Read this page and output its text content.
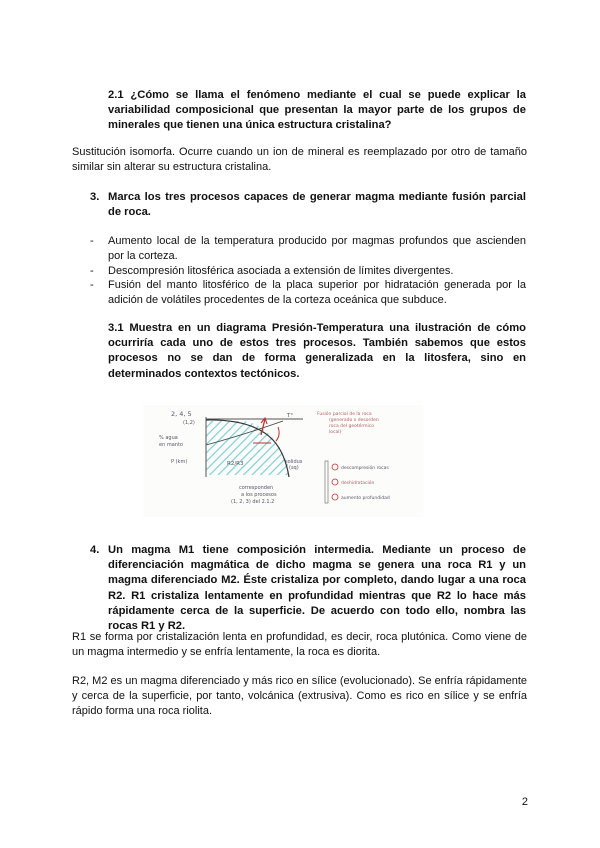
2.1 ¿Cómo se llama el fenómeno mediante el cual se puede explicar la variabilidad composicional que presentan la mayor parte de los grupos de minerales que tienen una única estructura cristalina?
Sustitución isomorfa. Ocurre cuando un ion de mineral es reemplazado por otro de tamaño similar sin alterar su estructura cristalina.
3. Marca los tres procesos capaces de generar magma mediante fusión parcial de roca.
- Aumento local de la temperatura producido por magmas profundos que ascienden por la corteza.
- Descompresión litosférica asociada a extensión de límites divergentes.
- Fusión del manto litosférico de la placa superior por hidratación generada por la adición de volátiles procedentes de la corteza oceánica que subduce.
3.1 Muestra en un diagrama Presión-Temperatura una ilustración de cómo ocurriría cada uno de estos tres procesos. También sabemos que estos procesos no se dan de forma generalizada en la litosfera, sino en determinados contextos tectónicos.
2, 4, 5
(1,2)
% agua
en manto
P (km)	R2/R3
T°
solidus
(sq)
corresponden
a los procesos
(1, 2, 3) del 2.1.2
Fusión parcial de la roca
(generado x desorden
roca del geotérmico
local)
descompresión rocas
deshidratación
aumento profundidad
4. Un magma M1 tiene composición intermedia. Mediante un proceso de diferenciación magmática de dicho magma se genera una roca R1 y un magma diferenciado M2. Éste cristaliza por completo, dando lugar a una roca R2. R1 cristaliza lentamente en profundidad mientras que R2 lo hace más rápidamente cerca de la superficie. De acuerdo con todo ello, nombra las rocas R1 y R2.
R1 se forma por cristalización lenta en profundidad, es decir, roca plutónica. Como viene de un magma intermedio y se enfría lentamente, la roca es diorita.
R2, M2 es un magma diferenciado y más rico en sílice (evolucionado). Se enfría rápidamente y cerca de la superficie, por tanto, volcánica (extrusiva). Como es rico en sílice y se enfría rápido forma una roca riolita.
2
